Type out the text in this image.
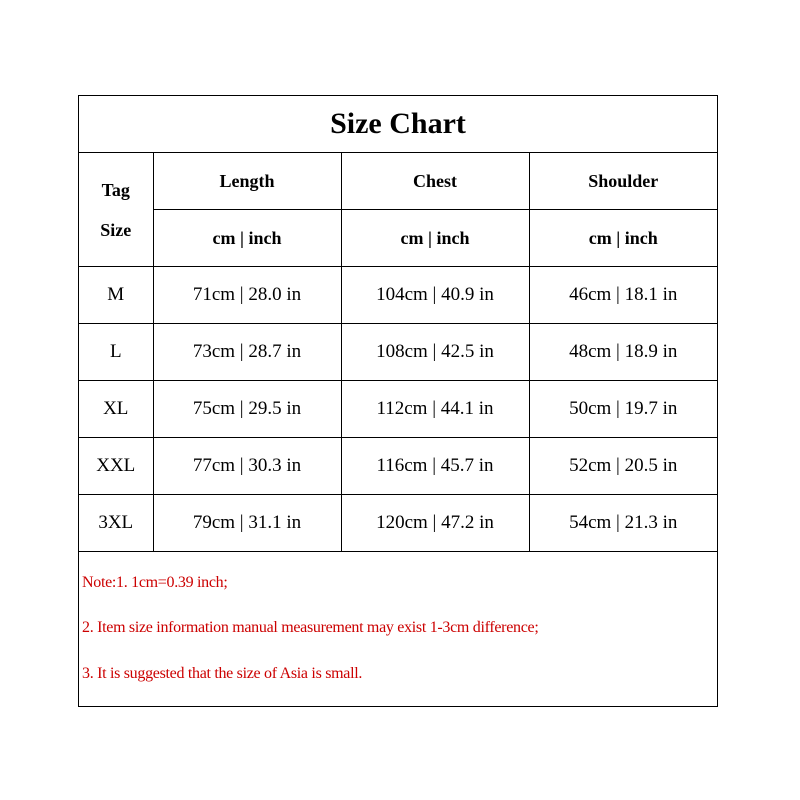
Size Chart
Tag
Size	Length	Chest	Shoulder
	cm | inch	cm | inch	cm | inch
M	71cm | 28.0 in	104cm | 40.9 in	46cm | 18.1 in
L	73cm | 28.7 in	108cm | 42.5 in	48cm | 18.9 in
XL	75cm | 29.5 in	112cm | 44.1 in	50cm | 19.7 in
XXL	77cm | 30.3 in	116cm | 45.7 in	52cm | 20.5 in
3XL	79cm | 31.1 in	120cm | 47.2 in	54cm | 21.3 in
Note:1. 1cm=0.39 inch;
2. Item size information manual measurement may exist 1-3cm difference;
3. It is suggested that the size of Asia is small.
